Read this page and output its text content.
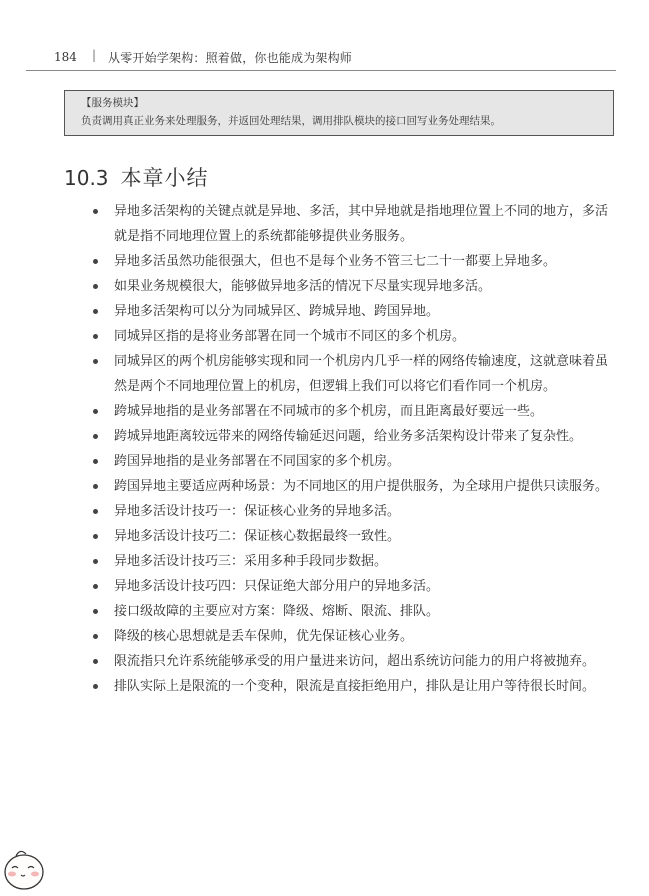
184 | 从零开始学架构：照着做，你也能成为架构师
【服务模块】
负责调用真正业务来处理服务，并返回处理结果，调用排队模块的接口回写业务处理结果。
10.3 本章小结
异地多活架构的关键点就是异地、多活，其中异地就是指地理位置上不同的地方，多活就是指不同地理位置上的系统都能够提供业务服务。
异地多活虽然功能很强大，但也不是每个业务不管三七二十一都要上异地多。
如果业务规模很大，能够做异地多活的情况下尽量实现异地多活。
异地多活架构可以分为同城异区、跨城异地、跨国异地。
同城异区指的是将业务部署在同一个城市不同区的多个机房。
同城异区的两个机房能够实现和同一个机房内几乎一样的网络传输速度，这就意味着虽然是两个不同地理位置上的机房，但逻辑上我们可以将它们看作同一个机房。
跨城异地指的是业务部署在不同城市的多个机房，而且距离最好要远一些。
跨城异地距离较远带来的网络传输延迟问题，给业务多活架构设计带来了复杂性。
跨国异地指的是业务部署在不同国家的多个机房。
跨国异地主要适应两种场景：为不同地区的用户提供服务，为全球用户提供只读服务。
异地多活设计技巧一：保证核心业务的异地多活。
异地多活设计技巧二：保证核心数据最终一致性。
异地多活设计技巧三：采用多种手段同步数据。
异地多活设计技巧四：只保证绝大部分用户的异地多活。
接口级故障的主要应对方案：降级、熔断、限流、排队。
降级的核心思想就是丢车保帅，优先保证核心业务。
限流指只允许系统能够承受的用户量进来访问，超出系统访问能力的用户将被抛弃。
排队实际上是限流的一个变种，限流是直接拒绝用户，排队是让用户等待很长时间。
